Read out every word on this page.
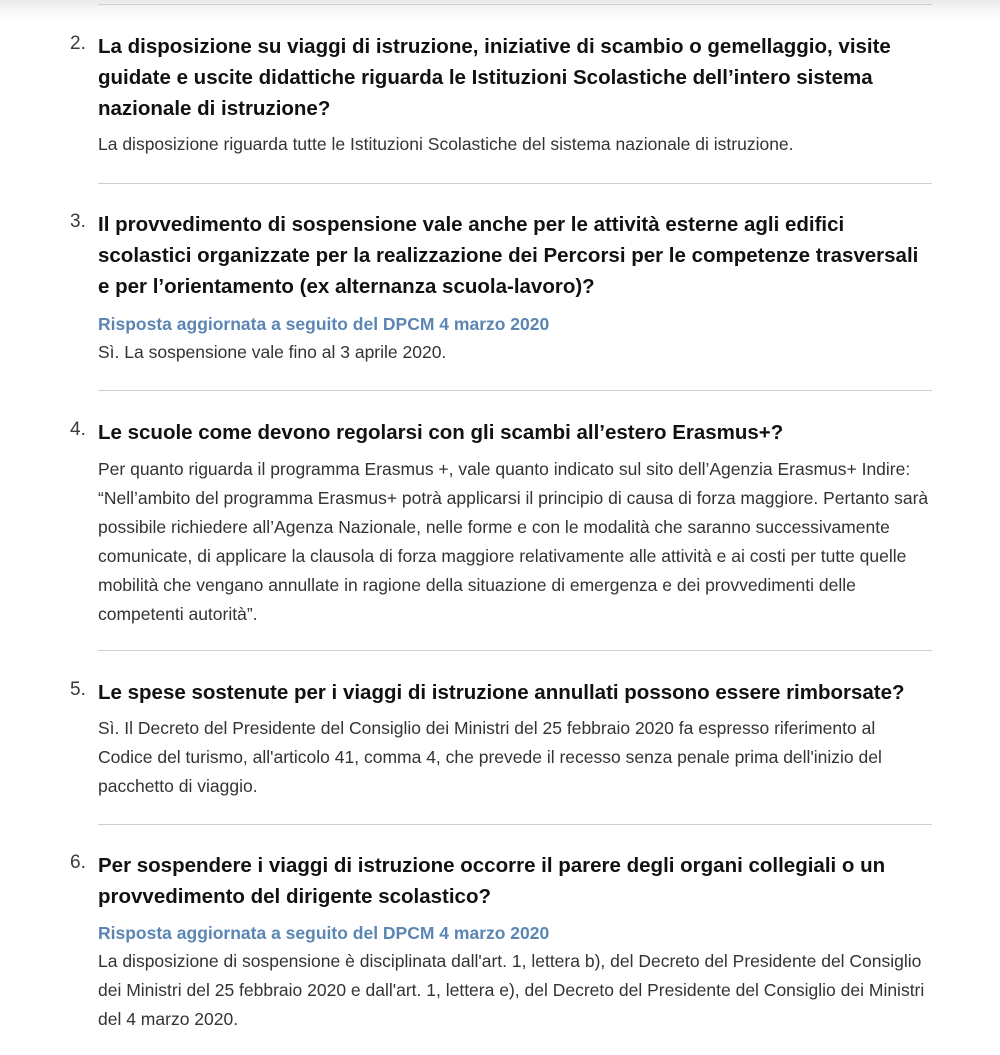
2. La disposizione su viaggi di istruzione, iniziative di scambio o gemellaggio, visite guidate e uscite didattiche riguarda le Istituzioni Scolastiche dell’intero sistema nazionale di istruzione?
La disposizione riguarda tutte le Istituzioni Scolastiche del sistema nazionale di istruzione.
3. Il provvedimento di sospensione vale anche per le attività esterne agli edifici scolastici organizzate per la realizzazione dei Percorsi per le competenze trasversali e per l’orientamento (ex alternanza scuola-lavoro)?
Risposta aggiornata a seguito del DPCM 4 marzo 2020
Sì. La sospensione vale fino al 3 aprile 2020.
4. Le scuole come devono regolarsi con gli scambi all’estero Erasmus+?
Per quanto riguarda il programma Erasmus +, vale quanto indicato sul sito dell’Agenzia Erasmus+ Indire: “Nell’ambito del programma Erasmus+ potrà applicarsi il principio di causa di forza maggiore. Pertanto sarà possibile richiedere all’Agenza Nazionale, nelle forme e con le modalità che saranno successivamente comunicate, di applicare la clausola di forza maggiore relativamente alle attività e ai costi per tutte quelle mobilità che vengano annullate in ragione della situazione di emergenza e dei provvedimenti delle competenti autorità”.
5. Le spese sostenute per i viaggi di istruzione annullati possono essere rimborsate?
Sì. Il Decreto del Presidente del Consiglio dei Ministri del 25 febbraio 2020 fa espresso riferimento al Codice del turismo, all'articolo 41, comma 4, che prevede il recesso senza penale prima dell'inizio del pacchetto di viaggio.
6. Per sospendere i viaggi di istruzione occorre il parere degli organi collegiali o un provvedimento del dirigente scolastico?
Risposta aggiornata a seguito del DPCM 4 marzo 2020
La disposizione di sospensione è disciplinata dall'art. 1, lettera b), del Decreto del Presidente del Consiglio dei Ministri del 25 febbraio 2020 e dall'art. 1, lettera e), del Decreto del Presidente del Consiglio dei Ministri del 4 marzo 2020.
